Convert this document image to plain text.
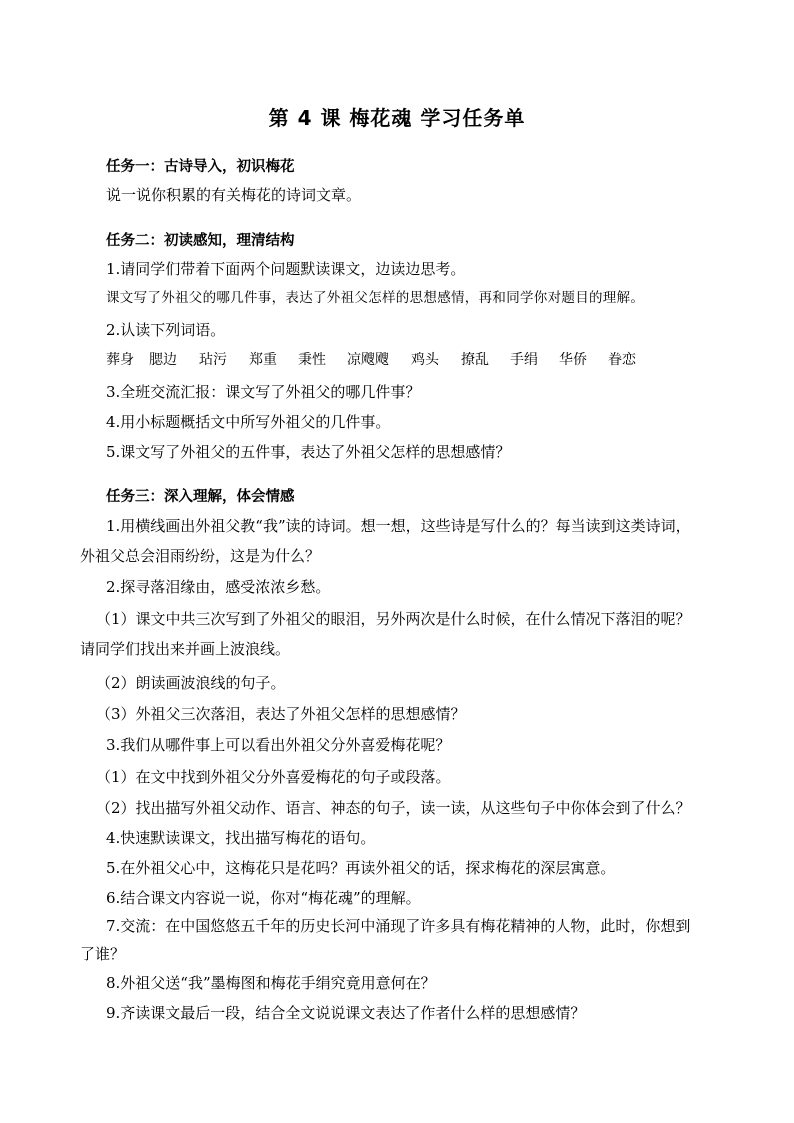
第 4 课 梅花魂 学习任务单
任务一：古诗导入，初识梅花
说一说你积累的有关梅花的诗词文章。
任务二：初读感知，理清结构
1.请同学们带着下面两个问题默读课文，边读边思考。
课文写了外祖父的哪几件事，表达了外祖父怎样的思想感情，再和同学你对题目的理解。
2.认读下列词语。
葬身	腮边	玷污	郑重	秉性	凉飕飕	鸡头	撩乱	手绢	华侨	眷恋
3.全班交流汇报：课文写了外祖父的哪几件事？
4.用小标题概括文中所写外祖父的几件事。
5.课文写了外祖父的五件事，表达了外祖父怎样的思想感情？
任务三：深入理解，体会情感
1.用横线画出外祖父教“我”读的诗词。想一想，这些诗是写什么的？每当读到这类诗词，
外祖父总会泪雨纷纷，这是为什么？
2.探寻落泪缘由，感受浓浓乡愁。
（1）课文中共三次写到了外祖父的眼泪，另外两次是什么时候，在什么情况下落泪的呢？
请同学们找出来并画上波浪线。
（2）朗读画波浪线的句子。
（3）外祖父三次落泪，表达了外祖父怎样的思想感情？
3.我们从哪件事上可以看出外祖父分外喜爱梅花呢？
（1）在文中找到外祖父分外喜爱梅花的句子或段落。
（2）找出描写外祖父动作、语言、神态的句子，读一读，从这些句子中你体会到了什么？
4.快速默读课文，找出描写梅花的语句。
5.在外祖父心中，这梅花只是花吗？再读外祖父的话，探求梅花的深层寓意。
6.结合课文内容说一说，你对“梅花魂”的理解。
7.交流：在中国悠悠五千年的历史长河中涌现了许多具有梅花精神的人物，此时，你想到
了谁？
8.外祖父送“我”墨梅图和梅花手绢究竟用意何在？
9.齐读课文最后一段，结合全文说说课文表达了作者什么样的思想感情？
